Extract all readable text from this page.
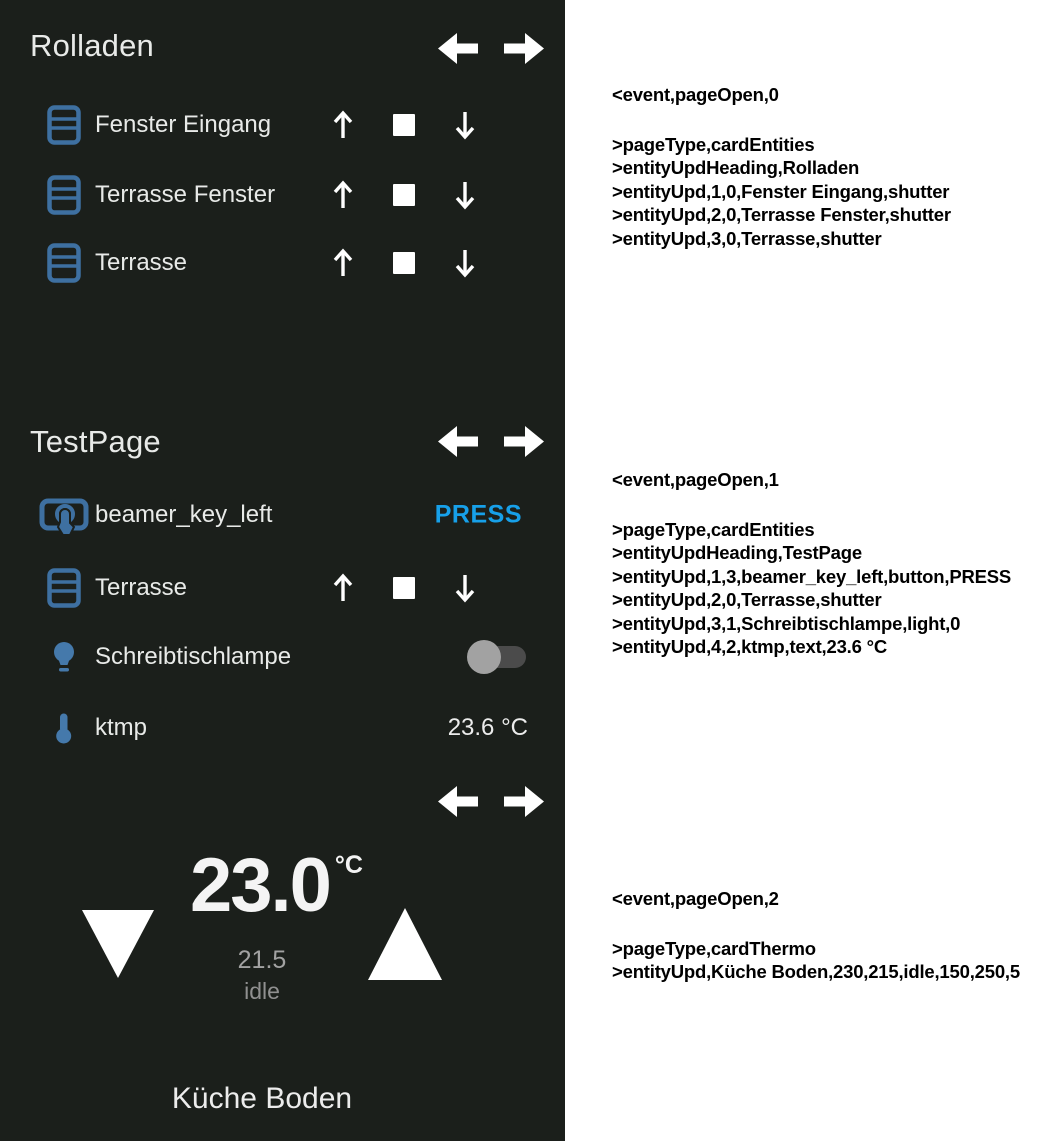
Rolladen
Fenster Eingang
Terrasse Fenster
Terrasse
TestPage
beamer_key_left	PRESS
Terrasse
Schreibtischlampe
ktmp	23.6 °C
23.0 °C
21.5
idle
Küche Boden

<event,pageOpen,0

>pageType,cardEntities

>entityUpdHeading,Rolladen

>entityUpd,1,0,Fenster Eingang,shutter

>entityUpd,2,0,Terrasse Fenster,shutter

>entityUpd,3,0,Terrasse,shutter

<event,pageOpen,1

>pageType,cardEntities

>entityUpdHeading,TestPage

>entityUpd,1,3,beamer_key_left,button,PRESS

>entityUpd,2,0,Terrasse,shutter

>entityUpd,3,1,Schreibtischlampe,light,0

>entityUpd,4,2,ktmp,text,23.6 °C

<event,pageOpen,2

>pageType,cardThermo

>entityUpd,Küche Boden,230,215,idle,150,250,5
